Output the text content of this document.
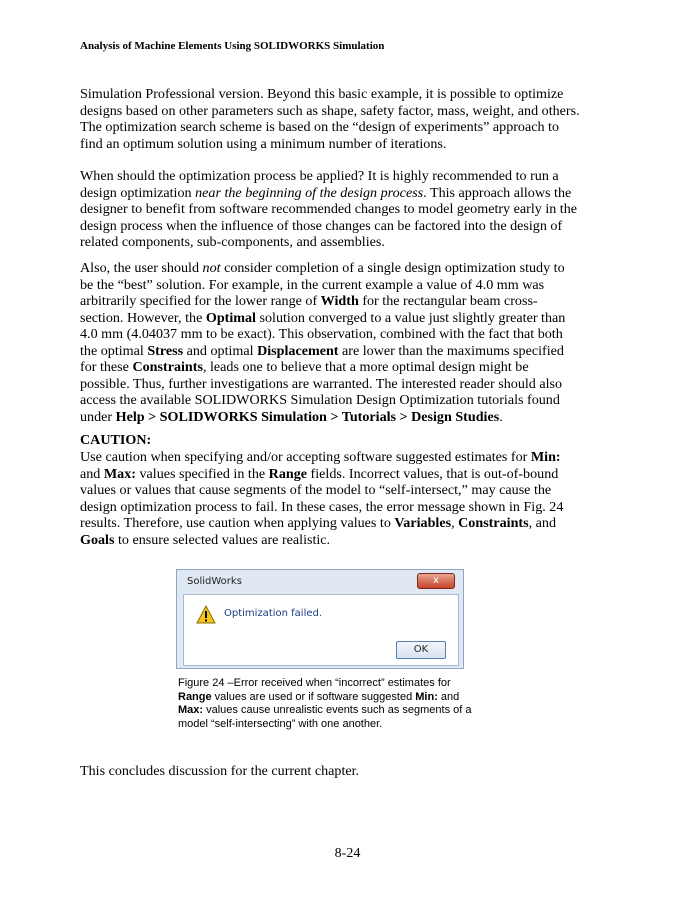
Analysis of Machine Elements Using SOLIDWORKS Simulation

Simulation Professional version. Beyond this basic example, it is possible to optimize designs based on other parameters such as shape, safety factor, mass, weight, and others. The optimization search scheme is based on the “design of experiments” approach to find an optimum solution using a minimum number of iterations.

When should the optimization process be applied? It is highly recommended to run a design optimization near the beginning of the design process. This approach allows the designer to benefit from software recommended changes to model geometry early in the design process when the influence of those changes can be factored into the design of related components, sub-components, and assemblies.

Also, the user should not consider completion of a single design optimization study to be the “best” solution. For example, in the current example a value of 4.0 mm was arbitrarily specified for the lower range of Width for the rectangular beam cross-section. However, the Optimal solution converged to a value just slightly greater than 4.0 mm (4.04037 mm to be exact). This observation, combined with the fact that both the optimal Stress and optimal Displacement are lower than the maximums specified for these Constraints, leads one to believe that a more optimal design might be possible. Thus, further investigations are warranted. The interested reader should also access the available SOLIDWORKS Simulation Design Optimization tutorials found under Help > SOLIDWORKS Simulation > Tutorials > Design Studies.

CAUTION:

Use caution when specifying and/or accepting software suggested estimates for Min: and Max: values specified in the Range fields. Incorrect values, that is out-of-bound values or values that cause segments of the model to “self-intersect,” may cause the design optimization process to fail. In these cases, the error message shown in Fig. 24 results. Therefore, use caution when applying values to Variables, Constraints, and Goals to ensure selected values are realistic.

SolidWorks	x
Optimization failed.
OK

Figure 24 –Error received when “incorrect” estimates for Range values are used or if software suggested Min: and Max: values cause unrealistic events such as segments of a model “self-intersecting” with one another.

This concludes discussion for the current chapter.

8-24
